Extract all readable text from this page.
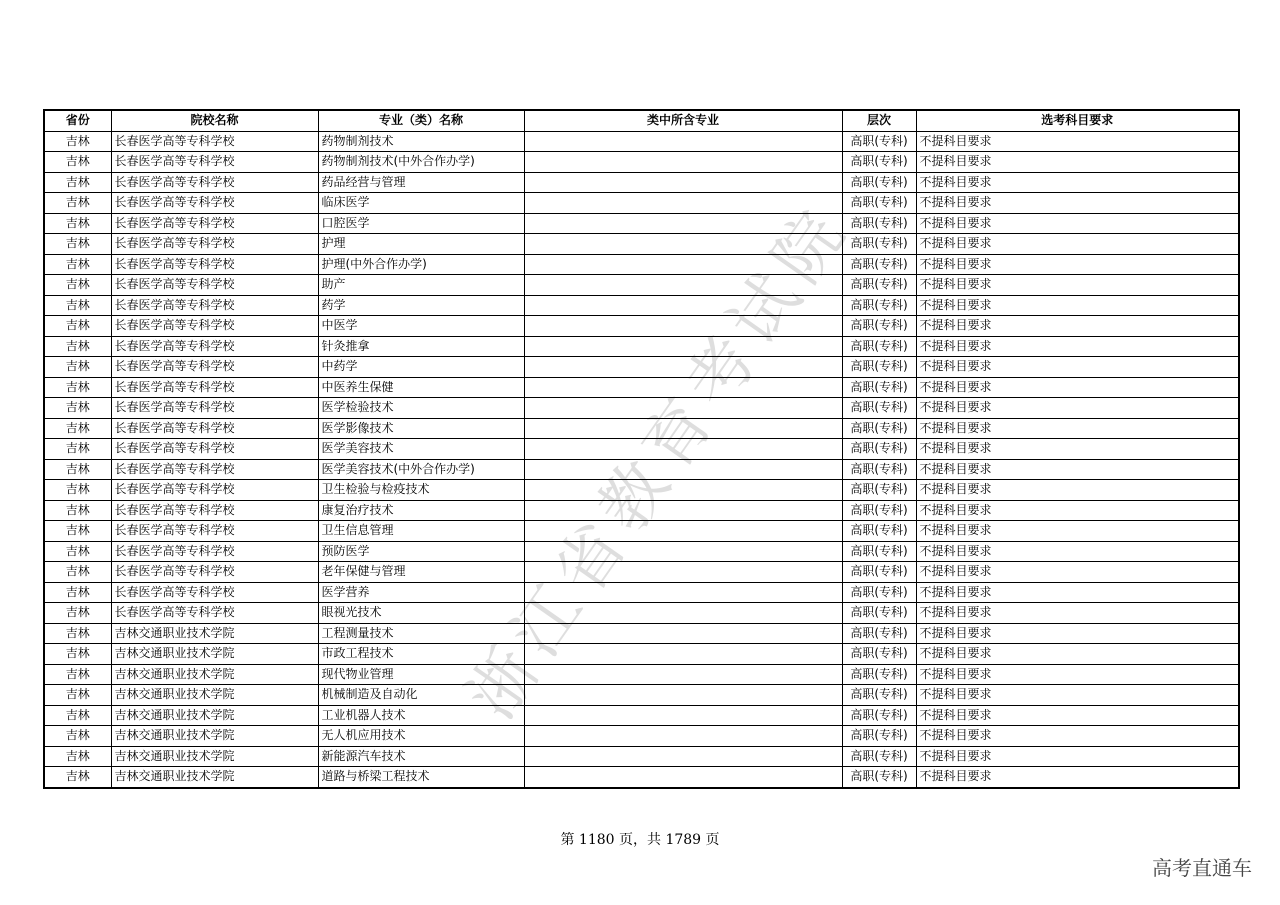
省份	院校名称	专业（类）名称	类中所含专业	层次	选考科目要求
吉林	长春医学高等专科学校	药物制剂技术		高职(专科)	不提科目要求
吉林	长春医学高等专科学校	药物制剂技术(中外合作办学)		高职(专科)	不提科目要求
吉林	长春医学高等专科学校	药品经营与管理		高职(专科)	不提科目要求
吉林	长春医学高等专科学校	临床医学		高职(专科)	不提科目要求
吉林	长春医学高等专科学校	口腔医学		高职(专科)	不提科目要求
吉林	长春医学高等专科学校	护理		高职(专科)	不提科目要求
吉林	长春医学高等专科学校	护理(中外合作办学)		高职(专科)	不提科目要求
吉林	长春医学高等专科学校	助产		高职(专科)	不提科目要求
吉林	长春医学高等专科学校	药学		高职(专科)	不提科目要求
吉林	长春医学高等专科学校	中医学		高职(专科)	不提科目要求
吉林	长春医学高等专科学校	针灸推拿		高职(专科)	不提科目要求
吉林	长春医学高等专科学校	中药学		高职(专科)	不提科目要求
吉林	长春医学高等专科学校	中医养生保健		高职(专科)	不提科目要求
吉林	长春医学高等专科学校	医学检验技术		高职(专科)	不提科目要求
吉林	长春医学高等专科学校	医学影像技术		高职(专科)	不提科目要求
吉林	长春医学高等专科学校	医学美容技术		高职(专科)	不提科目要求
吉林	长春医学高等专科学校	医学美容技术(中外合作办学)		高职(专科)	不提科目要求
吉林	长春医学高等专科学校	卫生检验与检疫技术		高职(专科)	不提科目要求
吉林	长春医学高等专科学校	康复治疗技术		高职(专科)	不提科目要求
吉林	长春医学高等专科学校	卫生信息管理		高职(专科)	不提科目要求
吉林	长春医学高等专科学校	预防医学		高职(专科)	不提科目要求
吉林	长春医学高等专科学校	老年保健与管理		高职(专科)	不提科目要求
吉林	长春医学高等专科学校	医学营养		高职(专科)	不提科目要求
吉林	长春医学高等专科学校	眼视光技术		高职(专科)	不提科目要求
吉林	吉林交通职业技术学院	工程测量技术		高职(专科)	不提科目要求
吉林	吉林交通职业技术学院	市政工程技术		高职(专科)	不提科目要求
吉林	吉林交通职业技术学院	现代物业管理		高职(专科)	不提科目要求
吉林	吉林交通职业技术学院	机械制造及自动化		高职(专科)	不提科目要求
吉林	吉林交通职业技术学院	工业机器人技术		高职(专科)	不提科目要求
吉林	吉林交通职业技术学院	无人机应用技术		高职(专科)	不提科目要求
吉林	吉林交通职业技术学院	新能源汽车技术		高职(专科)	不提科目要求
吉林	吉林交通职业技术学院	道路与桥梁工程技术		高职(专科)	不提科目要求
浙江省教育考试院
第 1180 页，共 1789 页
高考直通车
